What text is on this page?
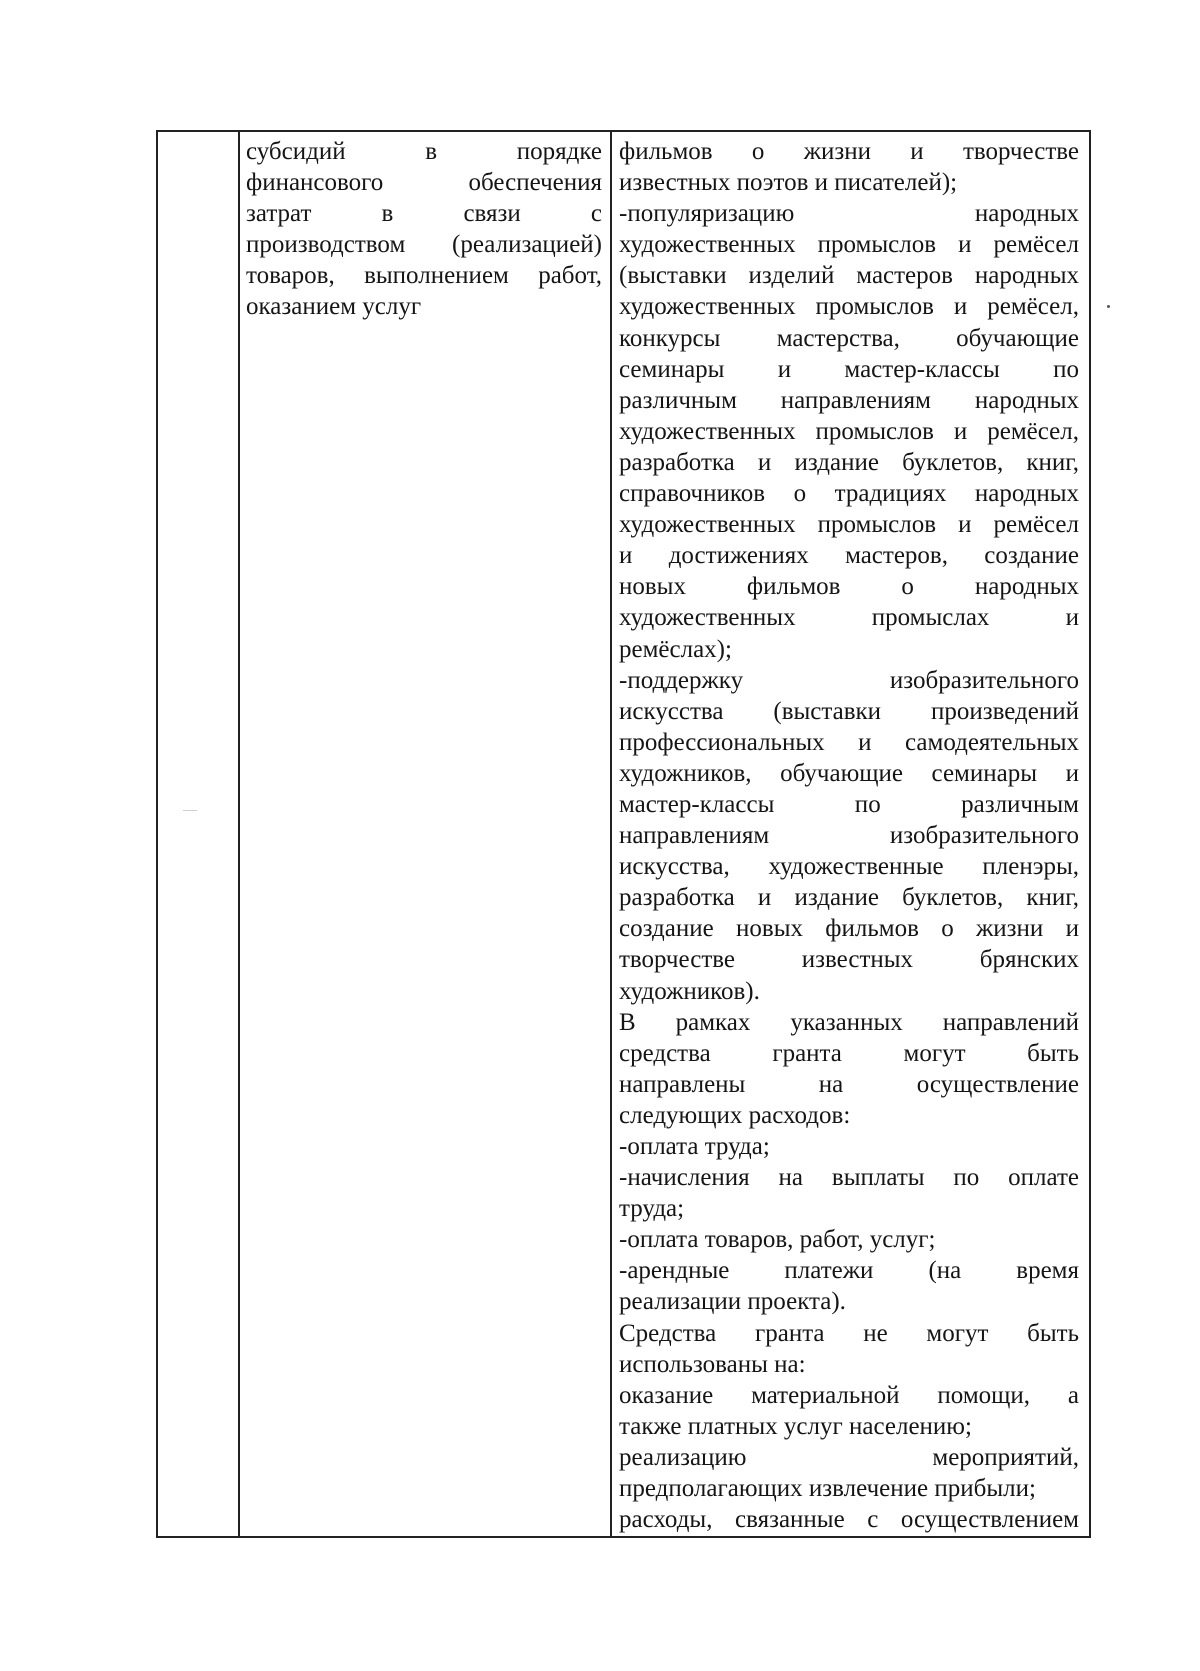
субсидий в порядке
финансового обеспечения
затрат в связи с
производством (реализацией)
товаров, выполнением работ,
оказанием услуг
фильмов о жизни и творчестве
известных поэтов и писателей);
-популяризацию народных
художественных промыслов и ремёсел
(выставки изделий мастеров народных
художественных промыслов и ремёсел,
конкурсы мастерства, обучающие
семинары и мастер-классы по
различным направлениям народных
художественных промыслов и ремёсел,
разработка и издание буклетов, книг,
справочников о традициях народных
художественных промыслов и ремёсел
и достижениях мастеров, создание
новых фильмов о народных
художественных промыслах и
ремёслах);
-поддержку изобразительного
искусства (выставки произведений
профессиональных и самодеятельных
художников, обучающие семинары и
мастер-классы по различным
направлениям изобразительного
искусства, художественные пленэры,
разработка и издание буклетов, книг,
создание новых фильмов о жизни и
творчестве известных брянских
художников).
В рамках указанных направлений
средства гранта могут быть
направлены на осуществление
следующих расходов:
-оплата труда;
-начисления на выплаты по оплате
труда;
-оплата товаров, работ, услуг;
-арендные платежи (на время
реализации проекта).
Средства гранта не могут быть
использованы на:
оказание материальной помощи, а
также платных услуг населению;
реализацию мероприятий,
предполагающих извлечение прибыли;
расходы, связанные с осуществлением
